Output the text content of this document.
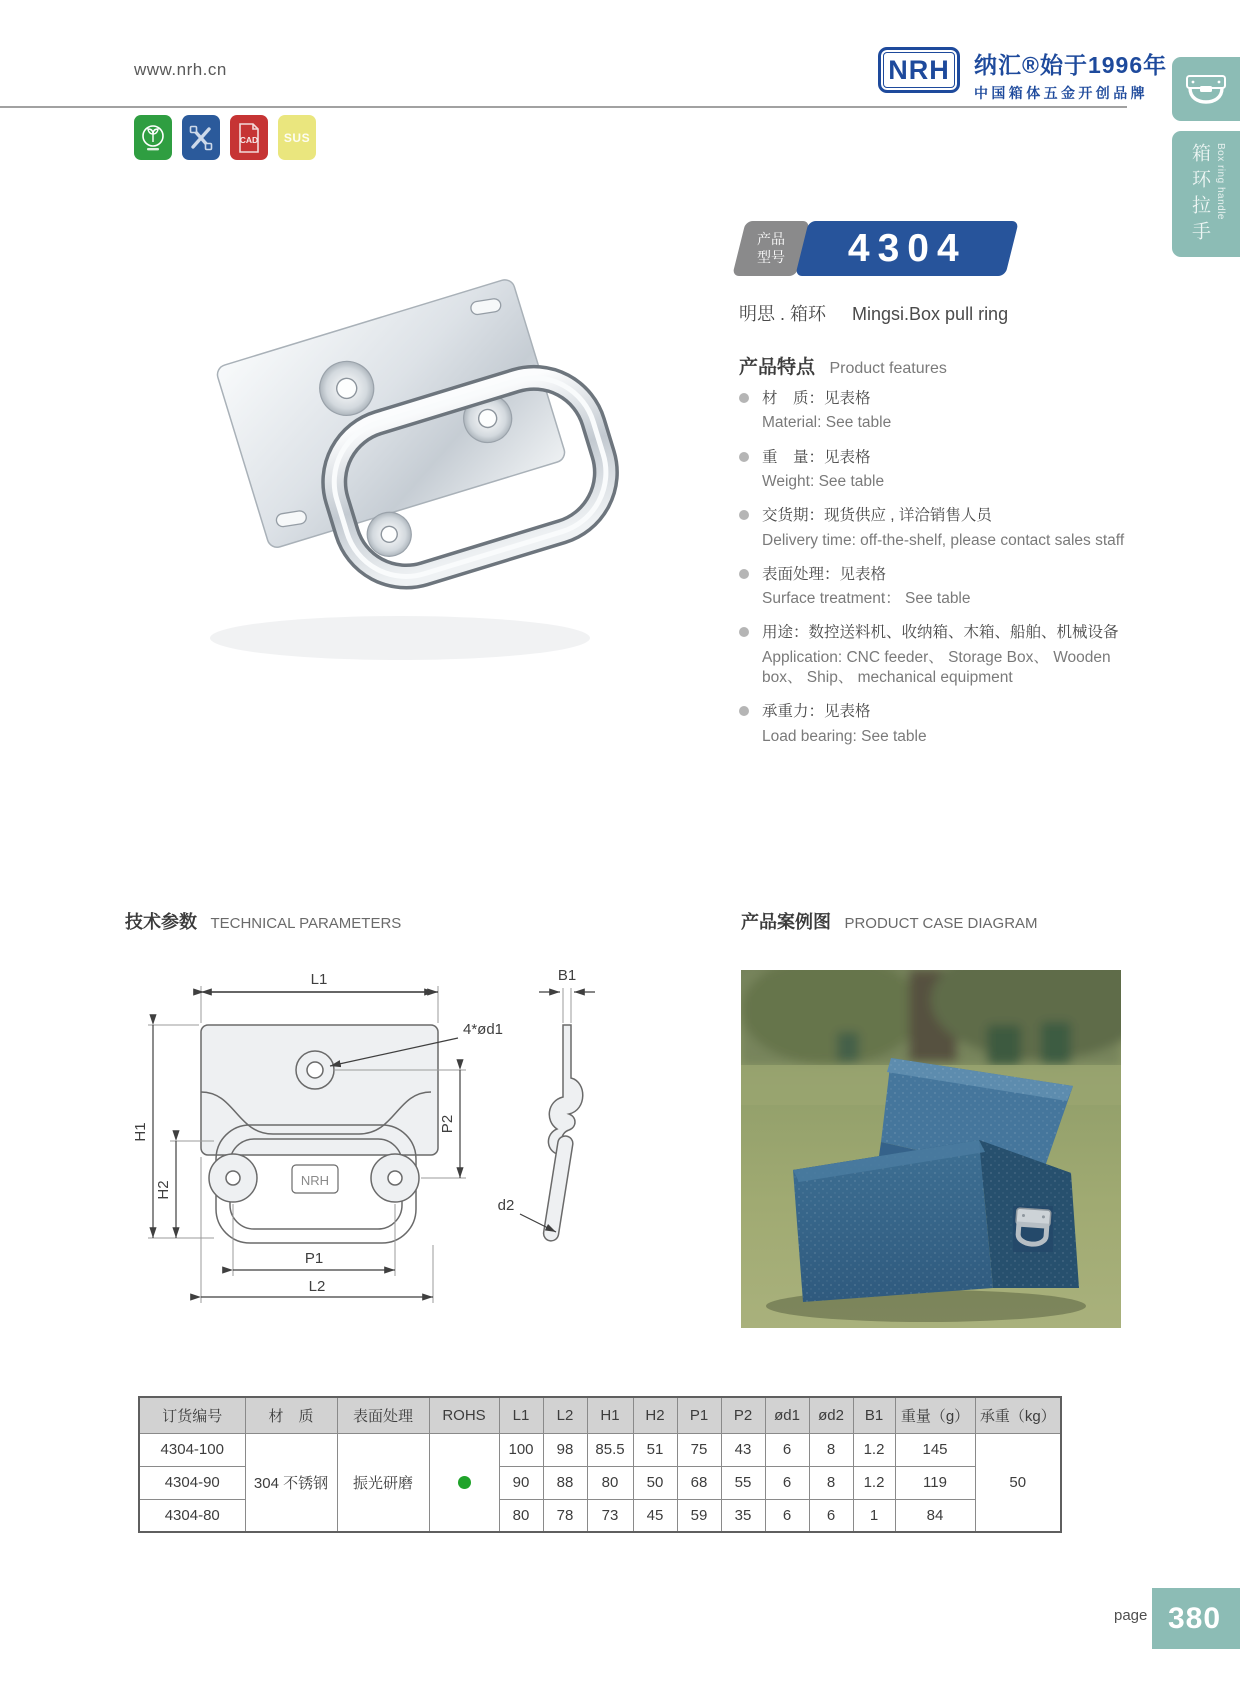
www.nrh.cn	NRH 纳汇®始于1996年
中国箱体五金开创品牌
CAD SUS
箱环拉手 Box ring handle
产品
型号 4304
明思 . 箱环 Mingsi.Box pull ring
产品特点 Product features
材　质：见表格
Material: See table
重　量：见表格
Weight: See table
交货期：现货供应 , 详洽销售人员
Delivery time: off-the-shelf, please contact sales staff
表面处理：见表格
Surface treatment： See table
用途：数控送料机、收纳箱、木箱、船舶、机械设备
Application: CNC feeder、 Storage Box、 Wooden box、 Ship、 mechanical equipment
承重力：见表格
Load bearing: See table
技术参数 TECHNICAL PARAMETERS	产品案例图 PRODUCT CASE DIAGRAM
NRH
L1
L2
P1
H1
H2
P2
B1
d2
4*ød1
订货编号	材　质	表面处理	ROHS	L1	L2	H1	H2	P1	P2	ød1	ød2	B1	重量（g）	承重（kg）
4304-100	304 不锈钢	振光研磨		100	98	85.5	51	75	43	6	8	1.2	145	50
4304-90				90	88	80	50	68	55	6	8	1.2	119	
4304-80				80	78	73	45	59	35	6	6	1	84	
page 380
